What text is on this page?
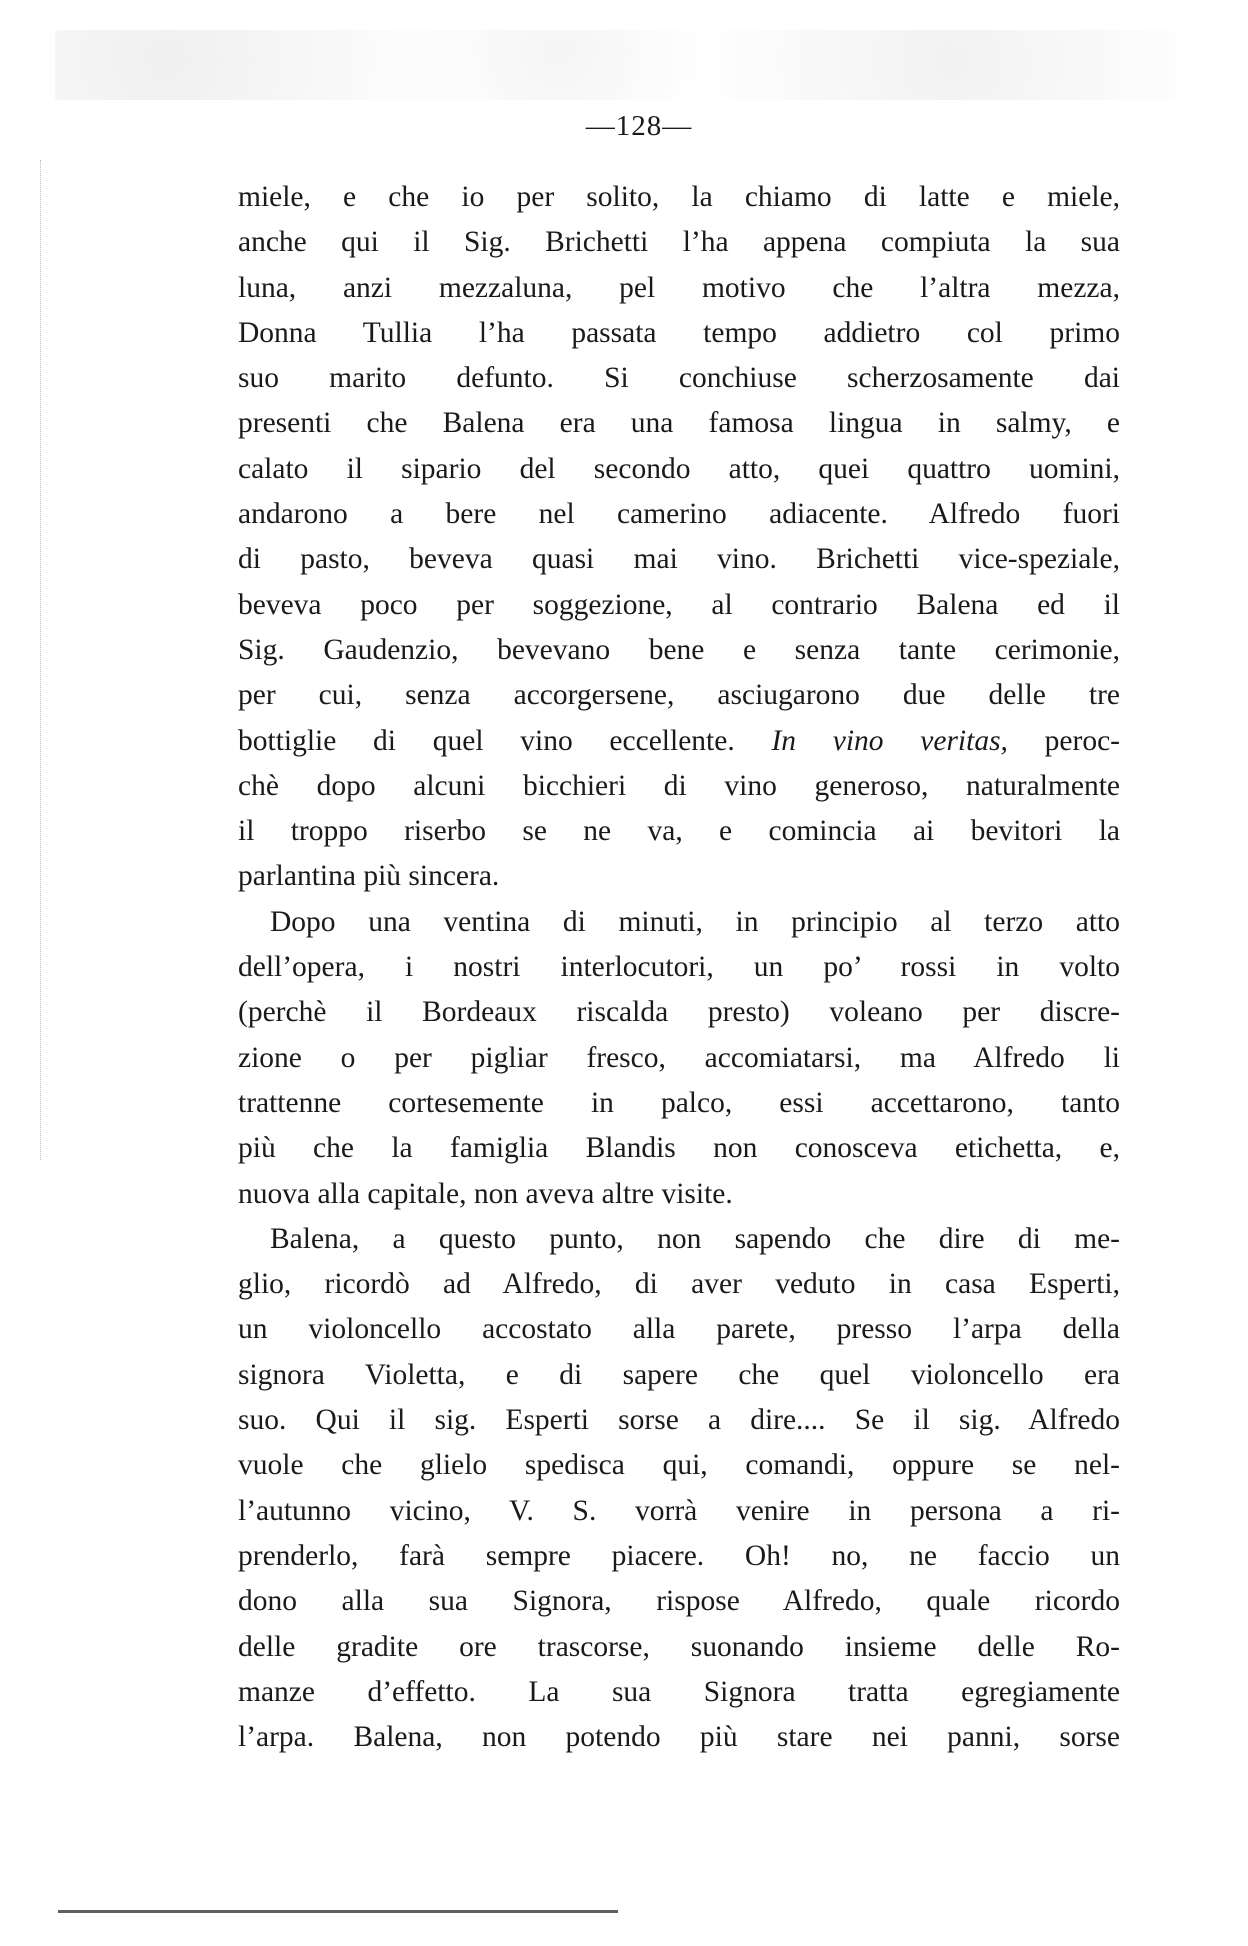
—128—
miele, e che io per solito, la chiamo di latte e miele,
anche qui il Sig. Brichetti l’ha appena compiuta la sua
luna, anzi mezzaluna, pel motivo che l’altra mezza,
Donna Tullia l’ha passata tempo addietro col primo
suo marito defunto. Si conchiuse scherzosamente dai
presenti che Balena era una famosa lingua in salmy, e
calato il sipario del secondo atto, quei quattro uomini,
andarono a bere nel camerino adiacente. Alfredo fuori
di pasto, beveva quasi mai vino. Brichetti vice-speziale,
beveva poco per soggezione, al contrario Balena ed il
Sig. Gaudenzio, bevevano bene e senza tante cerimonie,
per cui, senza accorgersene, asciugarono due delle tre
bottiglie di quel vino eccellente. In vino veritas, peroc-
chè dopo alcuni bicchieri di vino generoso, naturalmente
il troppo riserbo se ne va, e comincia ai bevitori la
parlantina più sincera.
Dopo una ventina di minuti, in principio al terzo atto
dell’opera, i nostri interlocutori, un po’ rossi in volto
(perchè il Bordeaux riscalda presto) voleano per discre-
zione o per pigliar fresco, accomiatarsi, ma Alfredo li
trattenne cortesemente in palco, essi accettarono, tanto
più che la famiglia Blandis non conosceva etichetta, e,
nuova alla capitale, non aveva altre visite.
Balena, a questo punto, non sapendo che dire di me-
glio, ricordò ad Alfredo, di aver veduto in casa Esperti,
un violoncello accostato alla parete, presso l’arpa della
signora Violetta, e di sapere che quel violoncello era
suo. Qui il sig. Esperti sorse a dire.... Se il sig. Alfredo
vuole che glielo spedisca qui, comandi, oppure se nel-
l’autunno vicino, V. S. vorrà venire in persona a ri-
prenderlo, farà sempre piacere. Oh! no, ne faccio un
dono alla sua Signora, rispose Alfredo, quale ricordo
delle gradite ore trascorse, suonando insieme delle Ro-
manze d’effetto. La sua Signora tratta egregiamente
l’arpa. Balena, non potendo più stare nei panni, sorse
